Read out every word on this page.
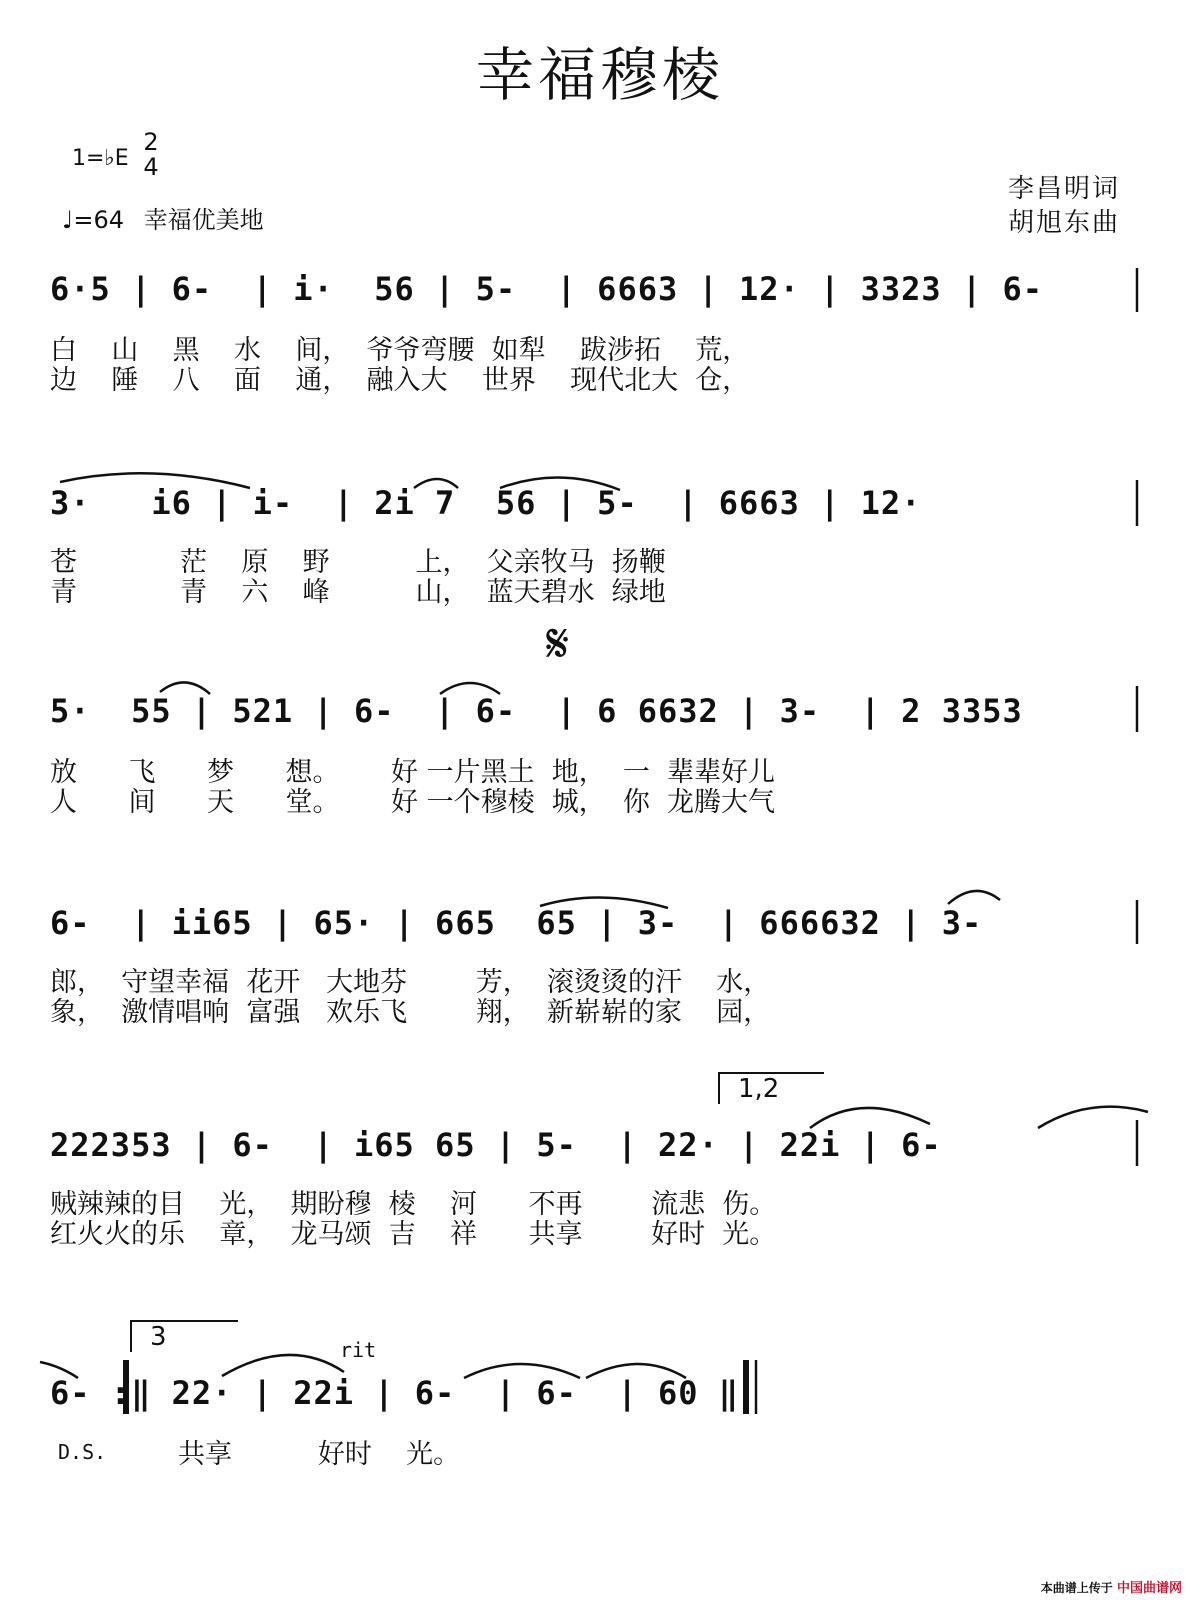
幸福穆棱
1=♭E
2
4
♩=64 幸福优美地
李昌明词
胡旭东曲
6·5 | 6-  | i·  56 | 5-  | 6663 | 12· | 3323 | 6-
白    山    黑    水    间，  爷爷弯腰  如犁    跋涉拓    荒，
边    陲    八    面    通，  融入大    世界    现代北大  仓，
3·   i6 | i-  | 2i 7  56 | 5-  | 6663 | 12·
苍            茫    原    野          上，  父亲牧马  扬鞭
青            青    六    峰          山，  蓝天碧水  绿地
𝄋
5·  55 | 521 | 6-  | 6-  | 6 6632 | 3-  | 2 3353
放      飞      梦      想。      好 一片黑土  地，  一  辈辈好儿
人      间      天      堂。      好 一个穆棱  城，  你  龙腾大气
6-  | ii65 | 65· | 665  65 | 3-  | 666632 | 3-
郎，  守望幸福  花开   大地芬        芳，  滚烫烫的汗    水，
象，  激情唱响  富强   欢乐飞        翔，  新崭崭的家    园，
1,2
222353 | 6-  | i65 65 | 5-  | 22· | 22i | 6-
贼辣辣的目    光，  期盼穆  棱    河      不再        流悲  伤。
红火火的乐    章，  龙马颂  吉    祥      共享        好时  光。
3	rit
6- :‖ 22· | 22i | 6-  | 6-  | 60 ‖
D.S.	共享          好时    光。
本曲谱上传于 中国曲谱网
